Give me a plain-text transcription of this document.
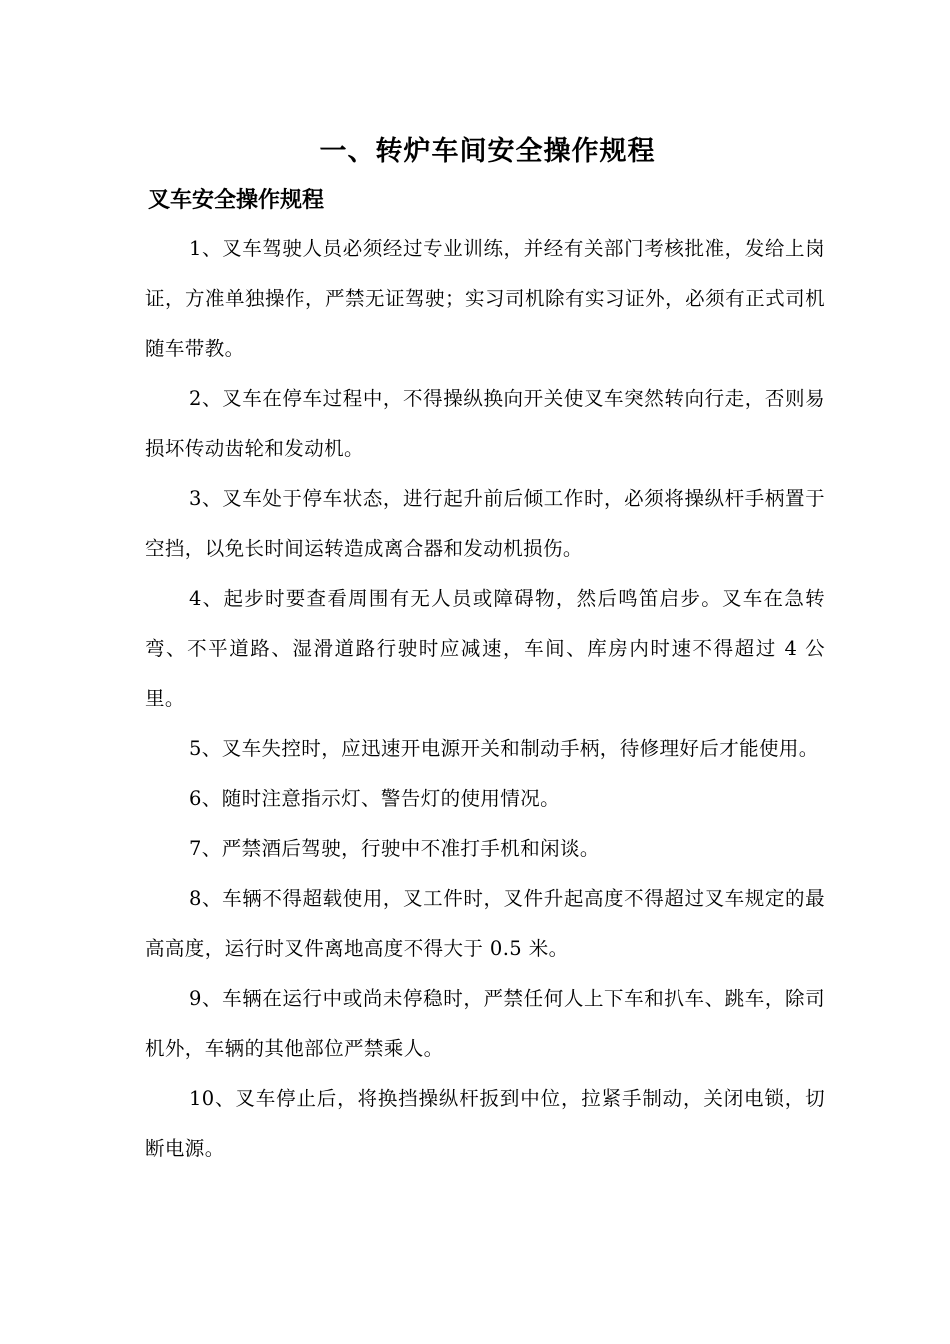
一、转炉车间安全操作规程
叉车安全操作规程

1、叉车驾驶人员必须经过专业训练，并经有关部门考核批准，发给上岗证，方准单独操作，严禁无证驾驶；实习司机除有实习证外，必须有正式司机随车带教。

2、叉车在停车过程中，不得操纵换向开关使叉车突然转向行走，否则易损坏传动齿轮和发动机。

3、叉车处于停车状态，进行起升前后倾工作时，必须将操纵杆手柄置于空挡，以免长时间运转造成离合器和发动机损伤。

4、起步时要查看周围有无人员或障碍物，然后鸣笛启步。叉车在急转弯、不平道路、湿滑道路行驶时应减速，车间、库房内时速不得超过 4 公里。

5、叉车失控时，应迅速开电源开关和制动手柄，待修理好后才能使用。

6、随时注意指示灯、警告灯的使用情况。

7、严禁酒后驾驶，行驶中不准打手机和闲谈。

8、车辆不得超载使用，叉工件时，叉件升起高度不得超过叉车规定的最高高度，运行时叉件离地高度不得大于 0.5 米。

9、车辆在运行中或尚未停稳时，严禁任何人上下车和扒车、跳车，除司机外，车辆的其他部位严禁乘人。

10、叉车停止后，将换挡操纵杆扳到中位，拉紧手制动，关闭电锁，切断电源。
